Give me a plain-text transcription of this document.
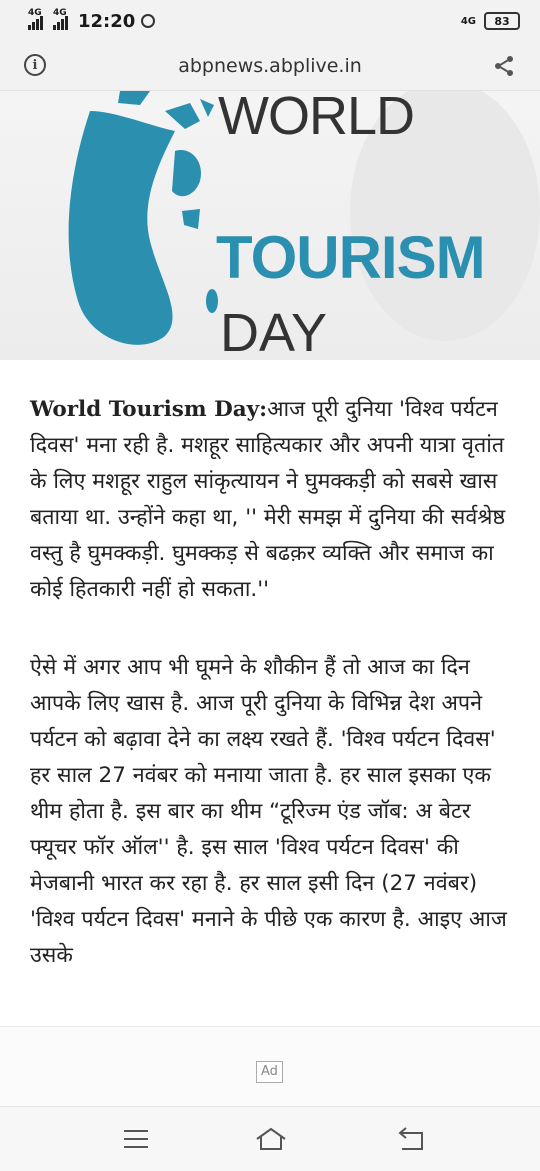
4G 4G 12:20	4G	83
i	abpnews.abplive.in
WORLD
TOURISM
DAY

World Tourism Day:आज पूरी दुनिया 'विश्व पर्यटन दिवस' मना रही है. मशहूर साहित्यकार और अपनी यात्रा वृतांत के लिए मशहूर राहुल सांकृत्यायन ने घुमक्कड़ी को सबसे खास बताया था. उन्होंने कहा था, '' मेरी समझ में दुनिया की सर्वश्रेष्ठ वस्तु है घुमक्कड़ी. घुमक्कड़ से बढक़र व्यक्ति और समाज का कोई हितकारी नहीं हो सकता.''

ऐसे में अगर आप भी घूमने के शौकीन हैं तो आज का दिन आपके लिए खास है. आज पूरी दुनिया के विभिन्न देश अपने पर्यटन को बढ़ावा देने का लक्ष्य रखते हैं. 'विश्व पर्यटन दिवस' हर साल 27 नवंबर को मनाया जाता है. हर साल इसका एक थीम होता है. इस बार का थीम “टूरिज्म एंड जॉब: अ बेटर फ्यूचर फॉर ऑल'' है. इस साल 'विश्व पर्यटन दिवस' की मेजबानी भारत कर रहा है. हर साल इसी दिन (27 नवंबर) 'विश्व पर्यटन दिवस' मनाने के पीछे एक कारण है. आइए आज उसके

Ad
